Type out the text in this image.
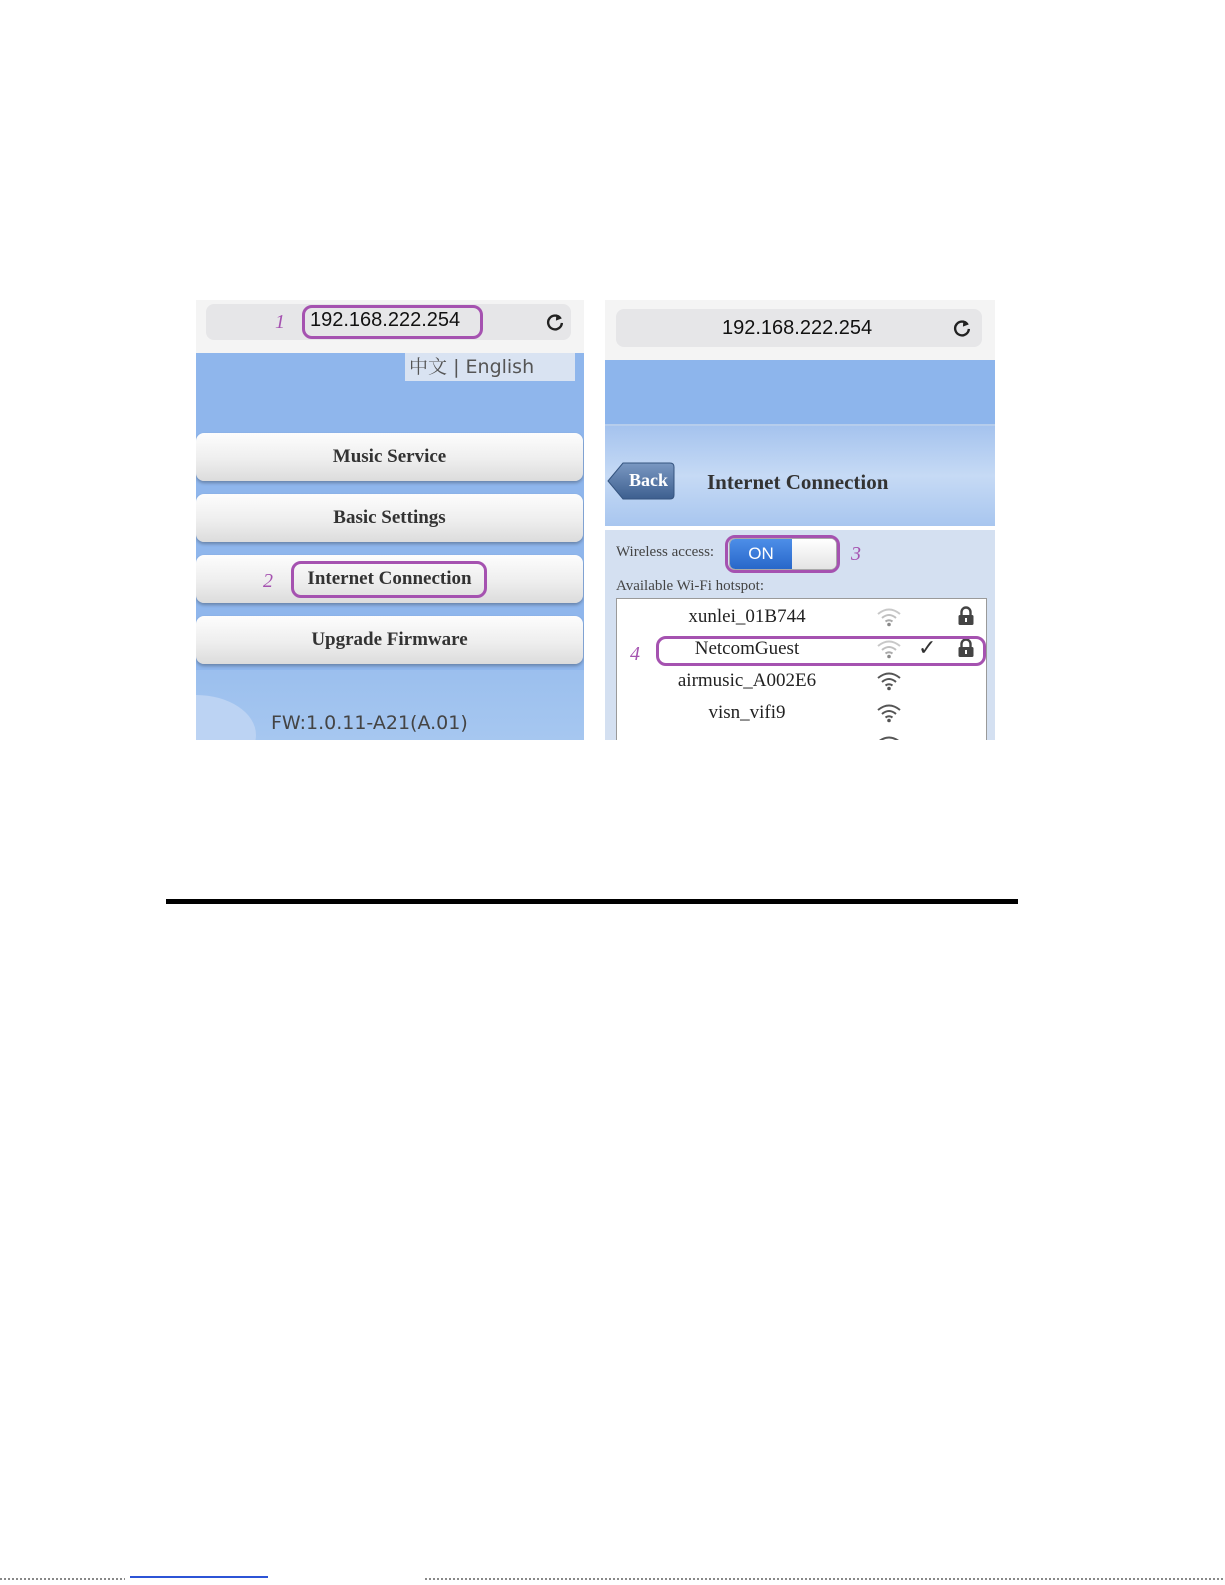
192.168.222.254
中文 | English
Music Service
Basic Settings
Internet Connection
Upgrade Firmware
FW:1.0.11-A21(A.01)
1
2
192.168.222.254
Back Internet Connection
Wireless access:	ON
Available Wi-Fi hotspot:
xunlei_01B744
NetcomGuest	✓
airmusic_A002E6
visn_vifi9
3
4
